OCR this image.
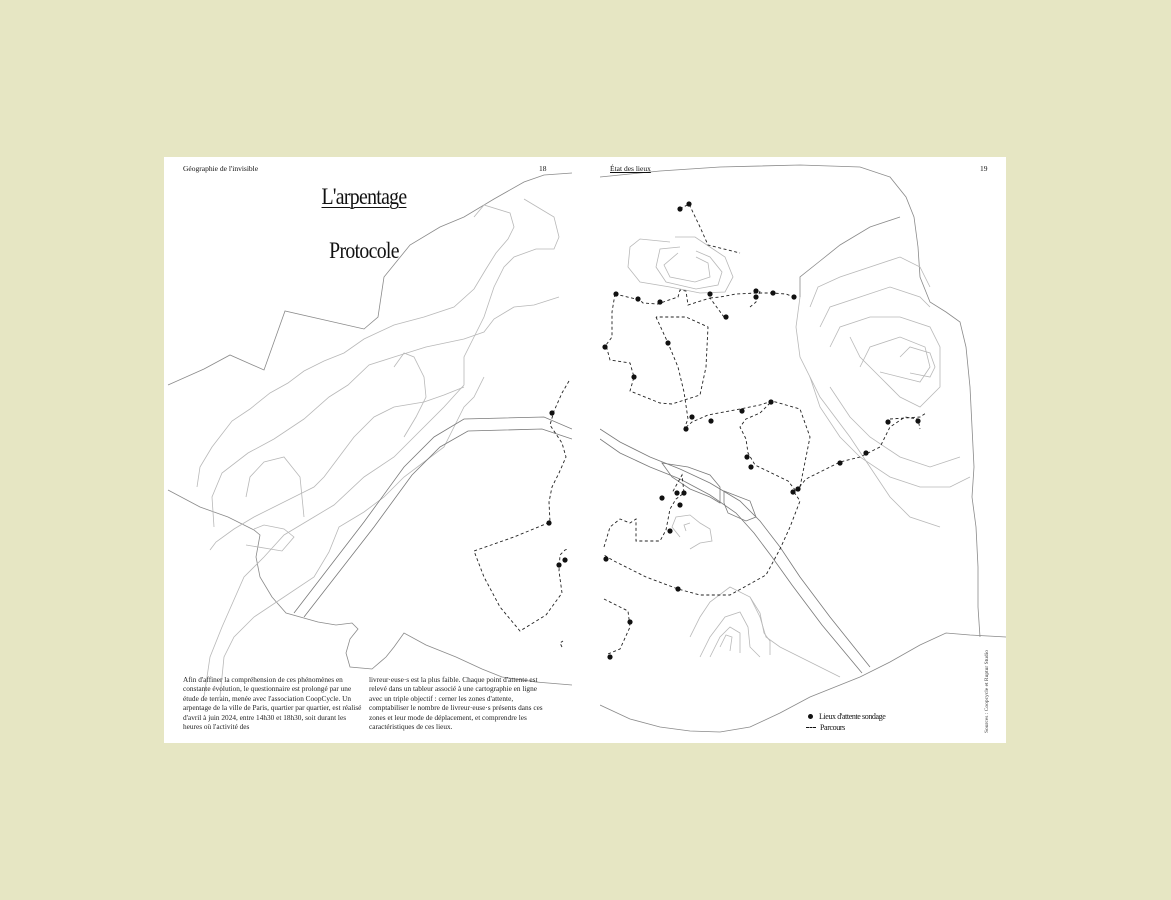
Géographie de l'invisible	18
L'arpentage
Protocole

Afin d'affiner la compréhension de ces phénomènes en constante évolution, le questionnaire est prolongé par une étude de terrain, menée avec l'association CoopCycle. Un arpentage de la ville de Paris, quartier par quartier, est réalisé d'avril à juin 2024, entre 14h30 et 18h30, soit durant les heures où l'activité des

livreur·euse·s est la plus faible. Chaque point d'attente est relevé dans un tableur associé à une cartographie en ligne avec un triple objectif : cerner les zones d'attente, comptabiliser le nombre de livreur·euse·s présents dans ces zones et leur mode de déplacement, et comprendre les caractéristiques de ces lieux.

État des lieux	19
Lieux d'attente sondage
Parcours	Sources : Coopcycle et Ruptur Studio
